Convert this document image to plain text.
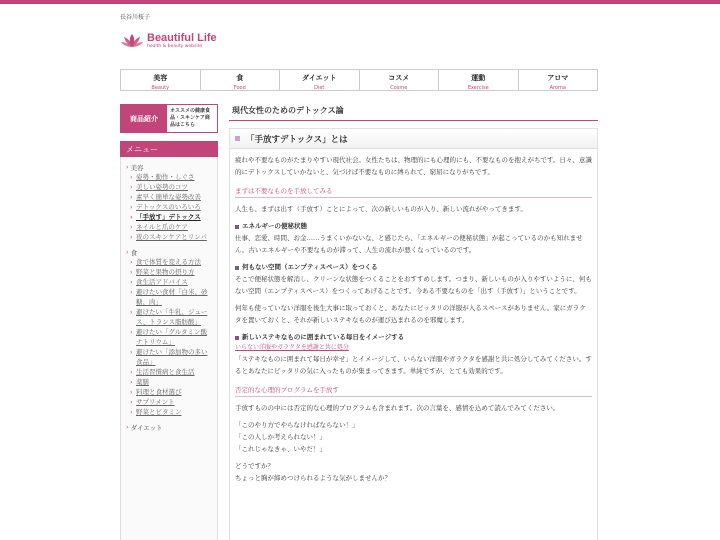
長谷川桜子
Beautiful Life
health & beauty website
美容
Beauty
食
Food
ダイエット
Diet
コスメ
Cosme
運動
Exercise
アロマ
Aroma
商品紹介
オススメの健康食品・スキンケア商品はこちら
メニュー
› 美容
› 姿勢・動作・しぐさ
› 美しい姿勢のコツ
› 素早く簡単な姿勢改善
› デトックスのいろいろ
› 「手放す」デトックス
› ネイルと爪のケア
› 夜のスキンケアとリンパ
› 食
› 食で体質を変える方法
› 野菜と果物の摂り方
› 食生活アドバイス
› 避けたい食材「白米、砂糖、肉」
› 避けたい「牛乳、ジュース、トランス脂肪酸」
› 避けたい「グルタミン酸ナトリウム」
› 避けたい「添加物の多い食品」
› 生活習慣病と食生活
› 薬膳
› 料理と食材選び
› サプリメント
› 野菜とビタミン
› ダイエット
現代女性のためのデトックス論
「手放すデトックス」とは

疲れや不要なものがたまりやすい現代社会。女性たちは、物理的にも心理的にも、不要なものを抱えがちです。日々、意識的にデトックスしていかないと、気づけば不要なものに縛られて、窮屈になりがちです。

まずは不要なものを手放してみる

人生も、まずは出す（手放す）ことによって、次の新しいものが入り、新しい流れがやってきます。

エネルギーの便秘状態

仕事、恋愛、時間、お金……うまくいかないな、と感じたら、「エネルギーの便秘状態」が起こっているのかも知れません。古いエネルギーや不要なものが滞って、人生の流れが悪くなっているのです。

何もない空間（エンプティスペース）をつくる

そこで便秘状態を解消し、クリーンな状態をつくることをおすすめします。つまり、新しいものが入りやすいように、何もない空間（エンプティスペース）をつくってあげることです。今ある不要なものを「出す（手放す）」ということです。

何年も使っていない洋服を後生大事に取っておくと、あなたにピッタリの洋服が入るスペースがありません。家にガラクタを置いておくと、それが新しいステキなものが運び込まれるのを邪魔します。

新しいステキなものに囲まれている毎日をイメージする
いらない洋服やガラクタを感謝と共に処分

「ステキなものに囲まれて毎日が幸せ」とイメージして、いらない洋服やガラクタを感謝と共に処分してみてください。するとあなたにピッタリの気に入ったものが集まってきます。単純ですが、とても効果的です。

否定的な心理的プログラムを手放す

手放すものの中には否定的な心理的プログラムも含まれます。次の言葉を、感情を込めて読んでみてください。

「このやり方でやらなければならない！」

「この人しか考えられない！」

「これじゃなきゃ、いやだ！」

どうですか？

ちょっと胸が締めつけられるような気がしませんか？
